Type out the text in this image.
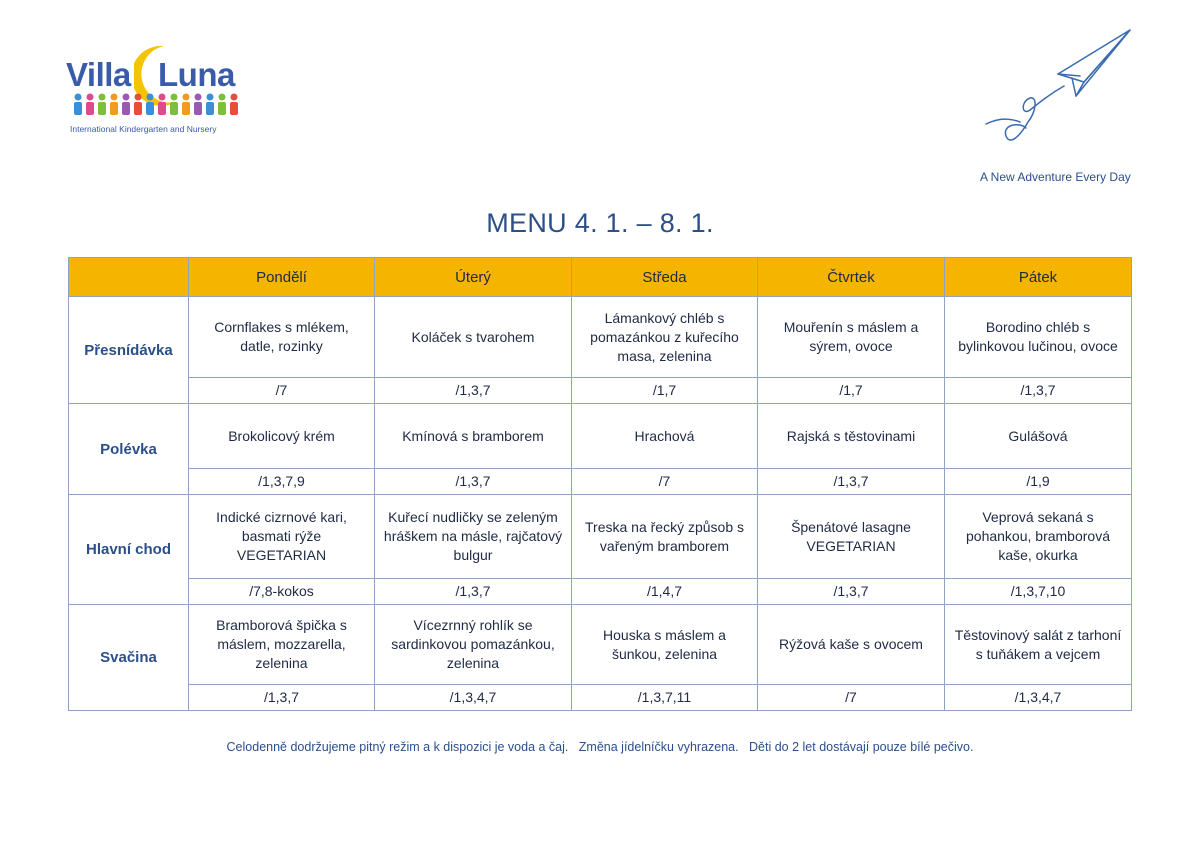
Villa Luna
International Kindergarten and Nursery
A New Adventure Every Day
MENU 4. 1. – 8. 1.
	Pondělí	Úterý	Středa	Čtvrtek	Pátek
Přesnídávka	Cornflakes s mlékem, datle, rozinky	Koláček s tvarohem	Lámankový chléb s pomazánkou z kuřecího masa, zelenina	Mouřenín s máslem a sýrem, ovoce	Borodino chléb s bylinkovou lučinou, ovoce
	/7	/1,3,7	/1,7	/1,7	/1,3,7
Polévka	Brokolicový krém	Kmínová s bramborem	Hrachová	Rajská s těstovinami	Gulášová
	/1,3,7,9	/1,3,7	/7	/1,3,7	/1,9
Hlavní chod	Indické cizrnové kari, basmati rýže VEGETARIAN	Kuřecí nudličky se zeleným hráškem na másle, rajčatový bulgur	Treska na řecký způsob s vařeným bramborem	Špenátové lasagne VEGETARIAN	Veprová sekaná s pohankou, bramborová kaše, okurka
	/7,8-kokos	/1,3,7	/1,4,7	/1,3,7	/1,3,7,10
Svačina	Bramborová špička s máslem, mozzarella, zelenina	Vícezrnný rohlík se sardinkovou pomazánkou, zelenina	Houska s máslem a šunkou, zelenina	Rýžová kaše s ovocem	Těstovinový salát z tarhoní s tuňákem a vejcem
	/1,3,7	/1,3,4,7	/1,3,7,11	/7	/1,3,4,7
Celodenně dodržujeme pitný režim a k dispozici je voda a čaj.   Změna jídelníčku vyhrazena.   Děti do 2 let dostávají pouze bílé pečivo.
